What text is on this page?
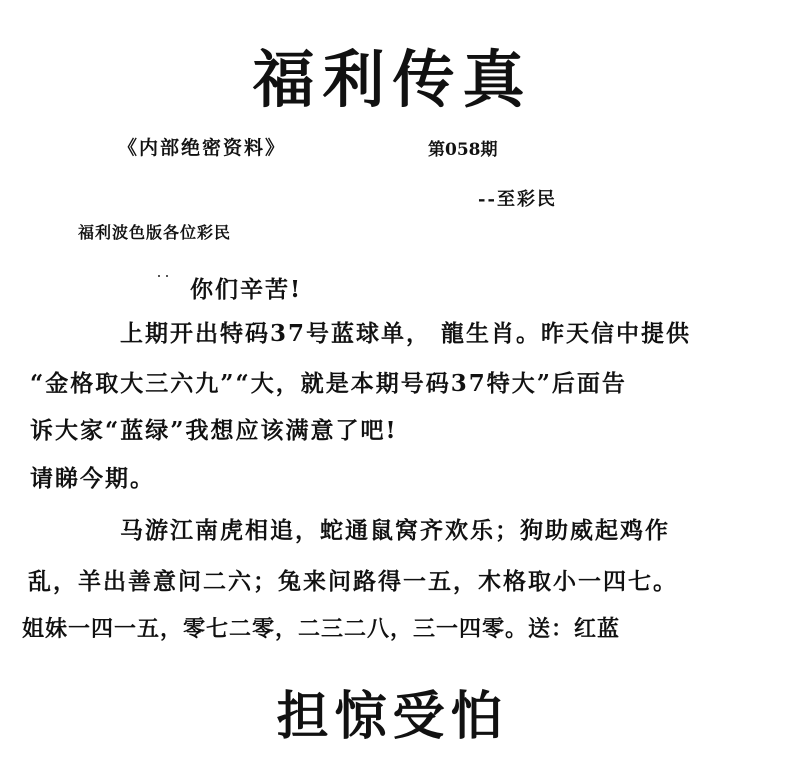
福利传真
《内部绝密资料》	第058期
--至彩民
福利波色版各位彩民
你们辛苦!
上期开出特码37号蓝球单， 龍生肖。昨天信中提供
“金格取大三六九”“大，就是本期号码37特大”后面告
诉大家“蓝绿”我想应该满意了吧!
请睇今期。
马游江南虎相追，蛇通鼠窝齐欢乐；狗助威起鸡作
乱，羊出善意问二六；兔来问路得一五，木格取小一四七。
姐妹一四一五，零七二零，二三二八，三一四零。送：红蓝
担惊受怕
